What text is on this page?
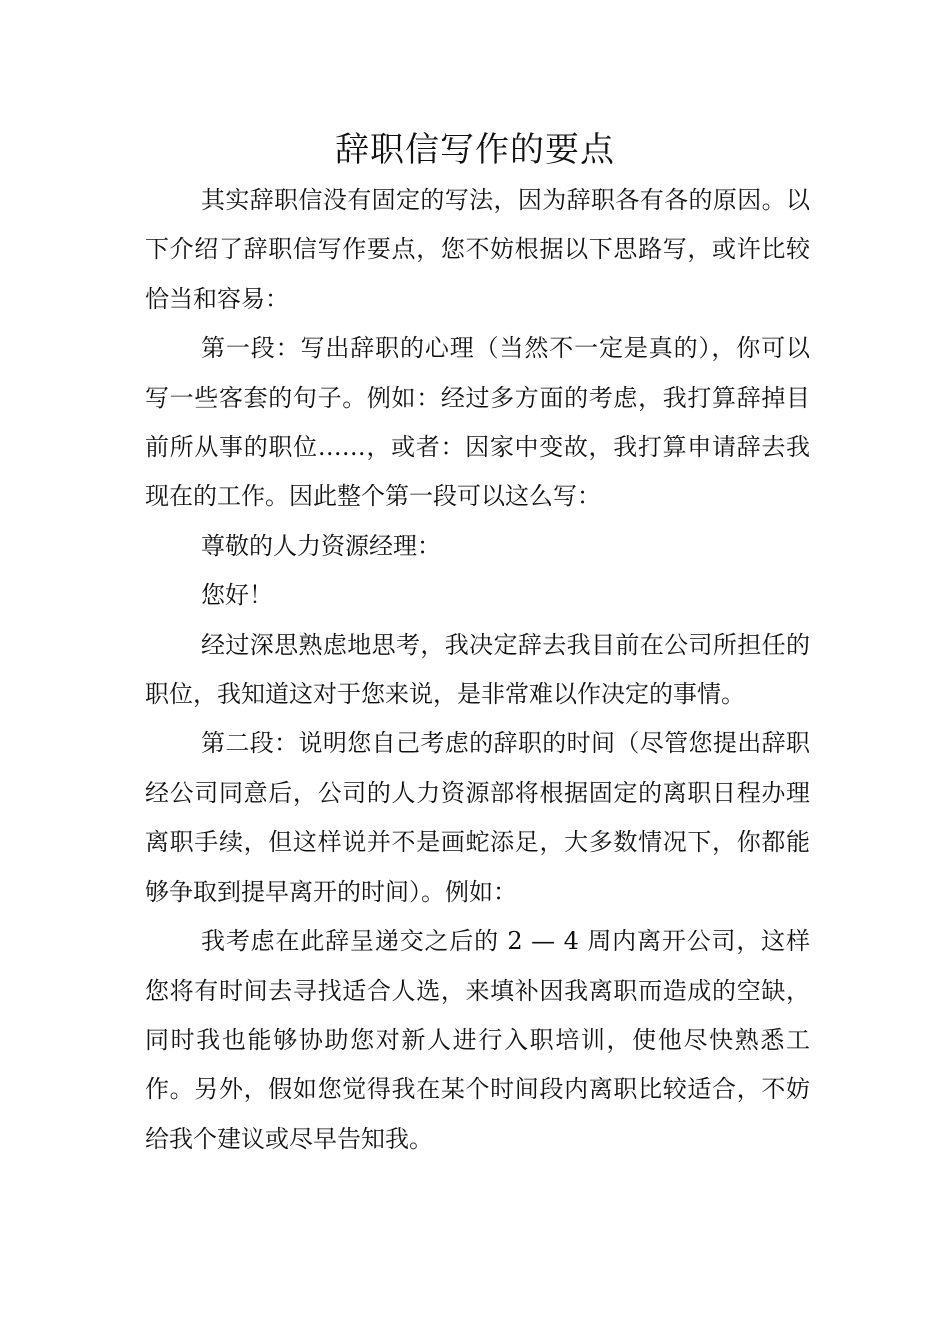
辞职信写作的要点

其实辞职信没有固定的写法，因为辞职各有各的原因。以下介绍了辞职信写作要点，您不妨根据以下思路写，或许比较恰当和容易：

第一段：写出辞职的心理（当然不一定是真的），你可以写一些客套的句子。例如：经过多方面的考虑，我打算辞掉目前所从事的职位……，或者：因家中变故，我打算申请辞去我现在的工作。因此整个第一段可以这么写：

尊敬的人力资源经理：

您好！

经过深思熟虑地思考，我决定辞去我目前在公司所担任的职位，我知道这对于您来说，是非常难以作决定的事情。

第二段：说明您自己考虑的辞职的时间（尽管您提出辞职经公司同意后，公司的人力资源部将根据固定的离职日程办理离职手续，但这样说并不是画蛇添足，大多数情况下，你都能够争取到提早离开的时间）。例如：

我考虑在此辞呈递交之后的 2 — 4 周内离开公司，这样您将有时间去寻找适合人选，来填补因我离职而造成的空缺，同时我也能够协助您对新人进行入职培训，使他尽快熟悉工作。另外，假如您觉得我在某个时间段内离职比较适合，不妨给我个建议或尽早告知我。
